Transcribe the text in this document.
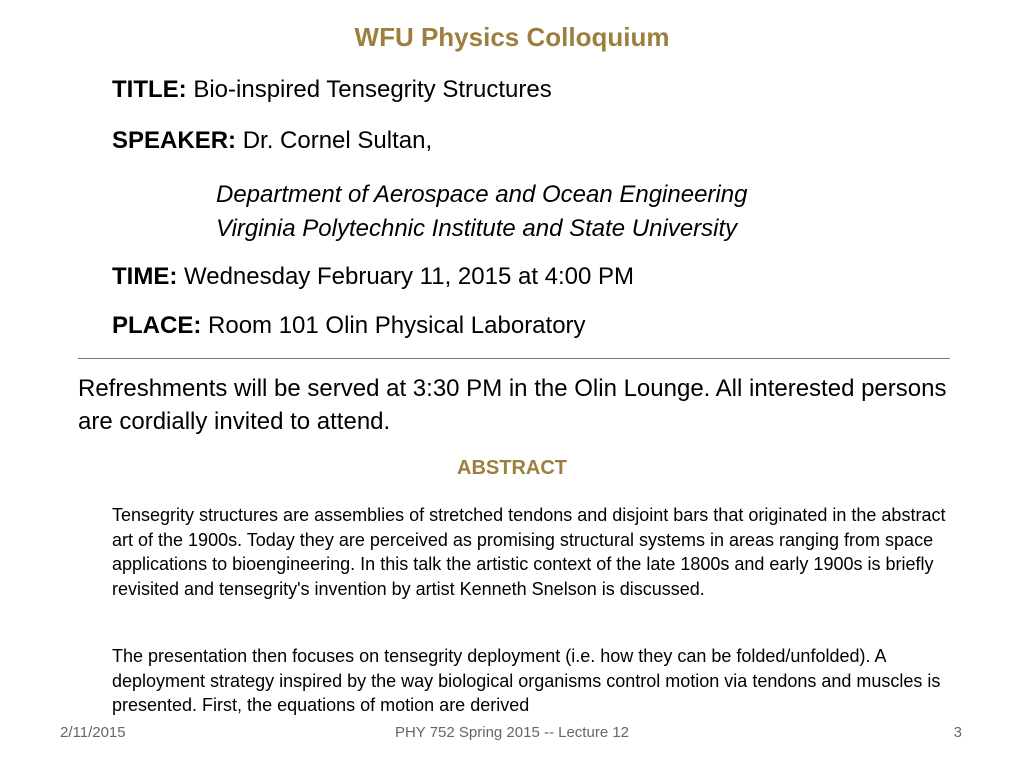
WFU Physics Colloquium
TITLE: Bio-inspired Tensegrity Structures
SPEAKER: Dr. Cornel Sultan,
Department of Aerospace and Ocean Engineering
Virginia Polytechnic Institute and State University
TIME: Wednesday February 11, 2015 at 4:00 PM
PLACE: Room 101 Olin Physical Laboratory
Refreshments will be served at 3:30 PM in the Olin Lounge. All interested persons are cordially invited to attend.
ABSTRACT
Tensegrity structures are assemblies of stretched tendons and disjoint bars that originated in the abstract art of the 1900s. Today they are perceived as promising structural systems in areas ranging from space applications to bioengineering. In this talk the artistic context of the late 1800s and early 1900s is briefly revisited and tensegrity's invention by artist Kenneth Snelson is discussed.
The presentation then focuses on tensegrity deployment (i.e. how they can be folded/unfolded). A deployment strategy inspired by the way biological organisms control motion via tendons and muscles is presented. First, the equations of motion are derived
2/11/2015	PHY 752 Spring 2015 -- Lecture 12	3
